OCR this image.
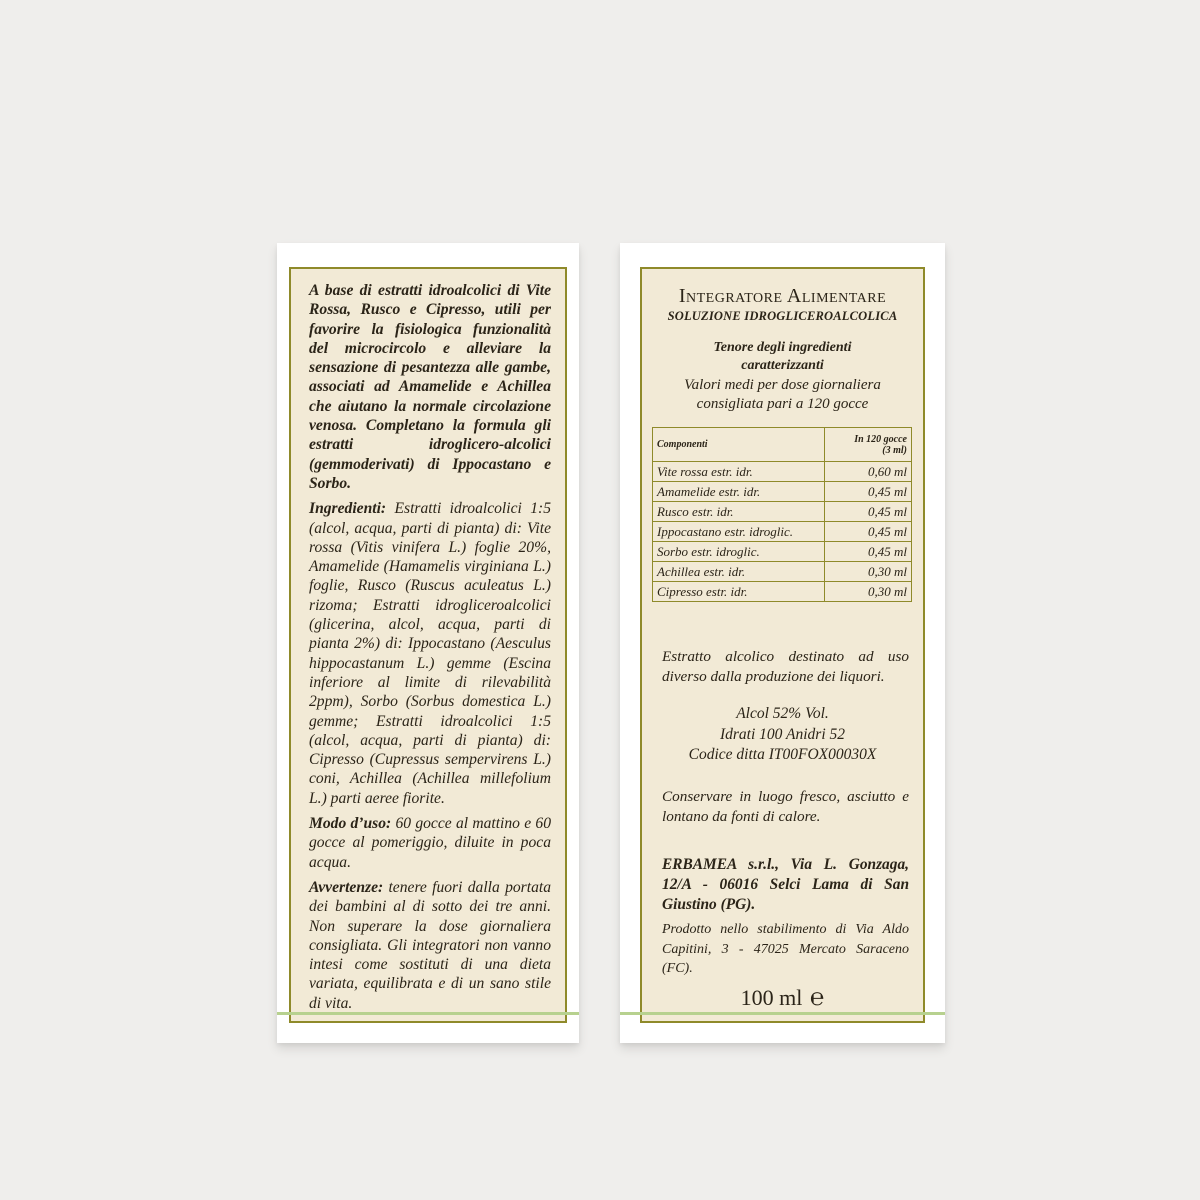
A base di estratti idroalcolici di Vite Rossa, Rusco e Cipresso, utili per favorire la fisiologica funzionalità del microcircolo e alleviare la sensazione di pesantezza alle gambe, associati ad Amamelide e Achillea che aiutano la normale circolazione venosa. Completano la formula gli estratti idroglicero-alcolici (gemmoderivati) di Ippocastano e Sorbo.

Ingredienti: Estratti idroalcolici 1:5 (alcol, acqua, parti di pianta) di: Vite rossa (Vitis vinifera L.) foglie 20%, Amamelide (Hamamelis virginiana L.) foglie, Rusco (Ruscus aculeatus L.) rizoma; Estratti idrogliceroalcolici (glicerina, alcol, acqua, parti di pianta 2%) di: Ippocastano (Aesculus hippocastanum L.) gemme (Escina inferiore al limite di rilevabilità 2ppm), Sorbo (Sorbus domestica L.) gemme; Estratti idroalcolici 1:5 (alcol, acqua, parti di pianta) di: Cipresso (Cupressus sempervirens L.) coni, Achillea (Achillea millefolium L.) parti aeree fiorite.

Modo d’uso: 60 gocce al mattino e 60 gocce al pomeriggio, diluite in poca acqua.

Avvertenze: tenere fuori dalla portata dei bambini al di sotto dei tre anni. Non superare la dose giornaliera consigliata. Gli integratori non vanno intesi come sostituti di una dieta variata, equilibrata e di un sano stile di vita.

Integratore Alimentare
SOLUZIONE IDROGLICEROALCOLICA
Tenore degli ingredienti caratterizzanti
Valori medi per dose giornaliera consigliata pari a 120 gocce
Componenti	In 120 gocce
(3 ml)
Vite rossa estr. idr.	0,60 ml
Amamelide estr. idr.	0,45 ml
Rusco estr. idr.	0,45 ml
Ippocastano estr. idroglic.	0,45 ml
Sorbo estr. idroglic.	0,45 ml
Achillea estr. idr.	0,30 ml
Cipresso estr. idr.	0,30 ml
Estratto alcolico destinato ad uso diverso dalla produzione dei liquori.
Alcol 52% Vol.
Idrati 100 Anidri 52
Codice ditta IT00FOX00030X
Conservare in luogo fresco, asciutto e lontano da fonti di calore.
ERBAMEA s.r.l., Via L. Gonzaga, 12/A - 06016 Selci Lama di San Giustino (PG).
Prodotto nello stabilimento di Via Aldo Capitini, 3 - 47025 Mercato Saraceno (FC).
100 ml ℮
